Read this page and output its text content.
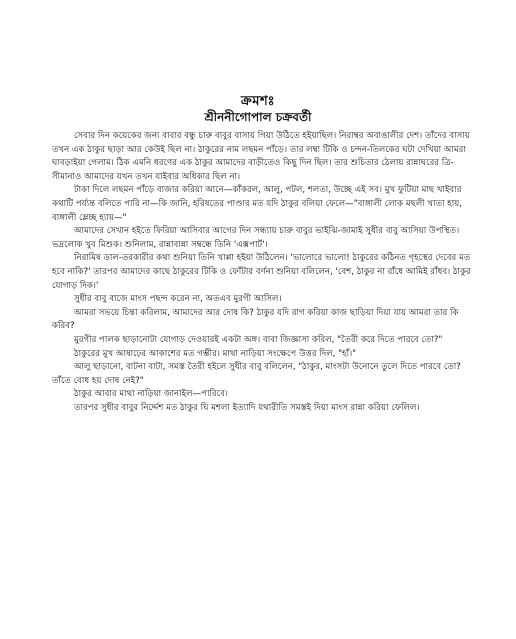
ক্রমশঃ
শ্রীননীগোপাল চক্রবর্তী

সেবার দিন কয়েকের জন্য বাবার বন্ধু চারু বাবুর বাসায় গিয়া উঠিতে হইয়াছিল। নিরাম্বর অবাঙালীর দেশ। তাঁদের বাসায় তখন এক ঠাকুর ছাড়া আর কেউই ছিল না। ঠাকুরের নাম লছমন পাঁড়ে। তার লম্বা টিকি ও চন্দন-তিলকের ঘটা দেখিয়া আমরা ঘাবড়াইয়া গেলাম। ঠিক এমনি ধরণের এক ঠাকুর আমাদের বাড়ীতেও কিছু দিন ছিল। তার শুচিতার ঠেলায় রান্নাঘরের ত্রি-সীমানাও আমাদের যখন তখন যাইবার অধিকার ছিল না।

টাকা দিলে লছমন পাঁড়ে বাজার করিয়া আনে—কাঁকরল, আলু, পটল, শলতা, উচ্ছে এই সব। মুখ ফুটিয়া মাছ খাইবার কথাটি পর্য্যন্ত বলিতে পারি না—কি জানি, হরিষতের পাণ্ডার মত যদি ঠাকুর বলিয়া ফেলে—"বাঙ্গালী লোক মছলী খাতা হায়, বাঙ্গালী ম্লেচ্ছ হ্যায়—"

আমাদের সেখান হইতে ফিরিয়া আসিবার আগের দিন সন্ধ্যায় চারু বাবুর ভাইঝি-জামাই সুধীর বাবু আসিয়া উপস্থিত। ভদ্রলোক খুব মিশুক। শুনিলাম, রান্নাবান্না সম্বন্ধে তিনি 'এক্সপার্ট'।

নিরামিষ ডাল-তরকারীর কথা শুনিয়া তিনি খাপ্পা হইয়া উঠিলেন। 'ভালোরে ভালো! ঠাকুরের কঠিনত গৃহস্থের দেবের মত হবে নাকি?' তারপর আমাদের কাছে ঠাকুরের টিকি ও ফোঁটার বর্ণনা শুনিয়া বলিলেন, 'বেশ, ঠাকুর না রাঁধে আমিই রাঁধব। ঠাকুর যোগাড় দিক।'

সুধীর বাবু বাজে মাংস পছন্দ করেন না, অতএব মুরগী আসিল।

আমরা সভয়ে চিন্তা করিলাম, আমাদের আর দোষ কি? ঠাকুর যদি রাগ করিয়া কাজ ছাড়িয়া দিয়া যায় আমরা তার কি করিব?

মুরগীর পালক ছাড়ানোটা যোগাড় দেওয়ারই একটা অঙ্গ। বাবা জিজ্ঞাসা করিল, "তৈরী করে দিতে পারবে তো?"

ঠাকুরের মুখ আষাঢ়ের আকাশের মত গম্ভীর। মাথা নাড়িয়া সংক্ষেপে উত্তর দিল, "হাঁ।"

আলু ছাড়ানো, বাটনা বাটা, সমস্ত তৈরী হইলে সুধীর বাবু বলিলেন, "ঠাকুর, মাংসটা উনোনে তুলে দিতে পারবে তো? তাঁতে বোধ হয় দোষ নেই?"

ঠাকুর আবার মাথা নাড়িয়া জানাইল—পারিবে।

তারপর সুধীর বাবুর নির্দ্দেশ মত ঠাকুর ঘি মশলা ইত্যাদি যথারীতি সমস্তই দিয়া মাংস রান্না করিয়া ফেলিল।
